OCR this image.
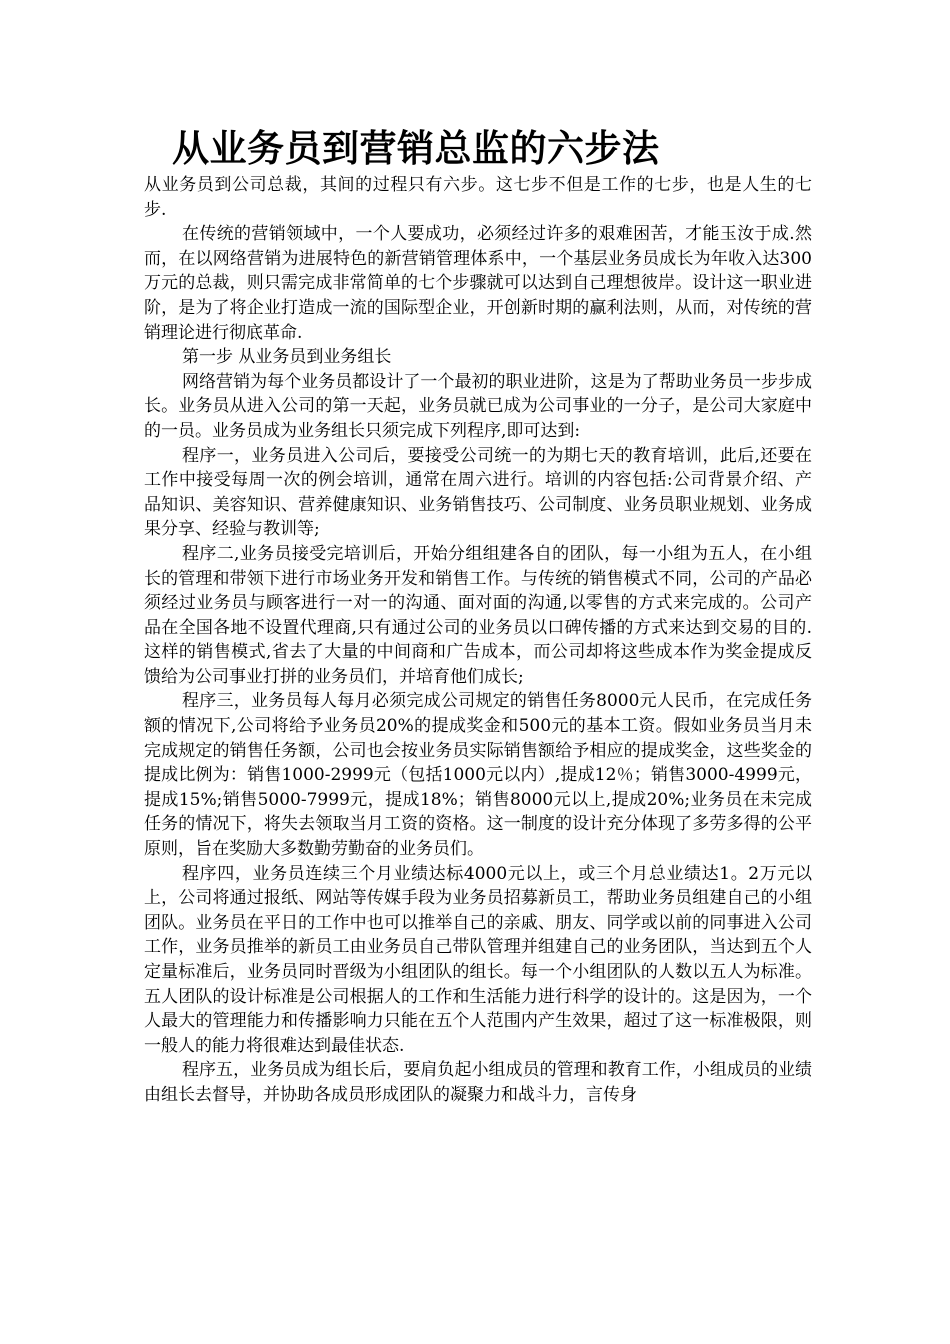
从业务员到营销总监的六步法

从业务员到公司总裁，其间的过程只有六步。这七步不但是工作的七步，也是人生的七步.

在传统的营销领域中，一个人要成功，必须经过许多的艰难困苦，才能玉汝于成.然而，在以网络营销为进展特色的新营销管理体系中，一个基层业务员成长为年收入达300万元的总裁，则只需完成非常简单的七个步骤就可以达到自己理想彼岸。设计这一职业进阶，是为了将企业打造成一流的国际型企业，开创新时期的赢利法则，从而，对传统的营销理论进行彻底革命.

第一步 从业务员到业务组长

网络营销为每个业务员都设计了一个最初的职业进阶，这是为了帮助业务员一步步成长。业务员从进入公司的第一天起，业务员就已成为公司事业的一分子，是公司大家庭中的一员。业务员成为业务组长只须完成下列程序,即可达到:

程序一，业务员进入公司后，要接受公司统一的为期七天的教育培训，此后,还要在工作中接受每周一次的例会培训，通常在周六进行。培训的内容包括:公司背景介绍、产品知识、美容知识、营养健康知识、业务销售技巧、公司制度、业务员职业规划、业务成果分享、经验与教训等;

程序二,业务员接受完培训后，开始分组组建各自的团队，每一小组为五人，在小组长的管理和带领下进行市场业务开发和销售工作。与传统的销售模式不同，公司的产品必须经过业务员与顾客进行一对一的沟通、面对面的沟通,以零售的方式来完成的。公司产品在全国各地不设置代理商,只有通过公司的业务员以口碑传播的方式来达到交易的目的.这样的销售模式,省去了大量的中间商和广告成本，而公司却将这些成本作为奖金提成反馈给为公司事业打拼的业务员们，并培育他们成长;

程序三，业务员每人每月必须完成公司规定的销售任务8000元人民币，在完成任务额的情况下,公司将给予业务员20%的提成奖金和500元的基本工资。假如业务员当月未完成规定的销售任务额，公司也会按业务员实际销售额给予相应的提成奖金，这些奖金的提成比例为：销售1000-2999元（包括1000元以内）,提成12％；销售3000-4999元，提成15%;销售5000-7999元，提成18%；销售8000元以上,提成20%;业务员在未完成任务的情况下，将失去领取当月工资的资格。这一制度的设计充分体现了多劳多得的公平原则，旨在奖励大多数勤劳勤奋的业务员们。

程序四，业务员连续三个月业绩达标4000元以上，或三个月总业绩达1。2万元以上，公司将通过报纸、网站等传媒手段为业务员招募新员工，帮助业务员组建自己的小组团队。业务员在平日的工作中也可以推举自己的亲戚、朋友、同学或以前的同事进入公司工作，业务员推举的新员工由业务员自己带队管理并组建自己的业务团队，当达到五个人定量标准后，业务员同时晋级为小组团队的组长。每一个小组团队的人数以五人为标准。五人团队的设计标准是公司根据人的工作和生活能力进行科学的设计的。这是因为，一个人最大的管理能力和传播影响力只能在五个人范围内产生效果，超过了这一标准极限，则一般人的能力将很难达到最佳状态.

程序五，业务员成为组长后，要肩负起小组成员的管理和教育工作，小组成员的业绩由组长去督导，并协助各成员形成团队的凝聚力和战斗力，言传身
